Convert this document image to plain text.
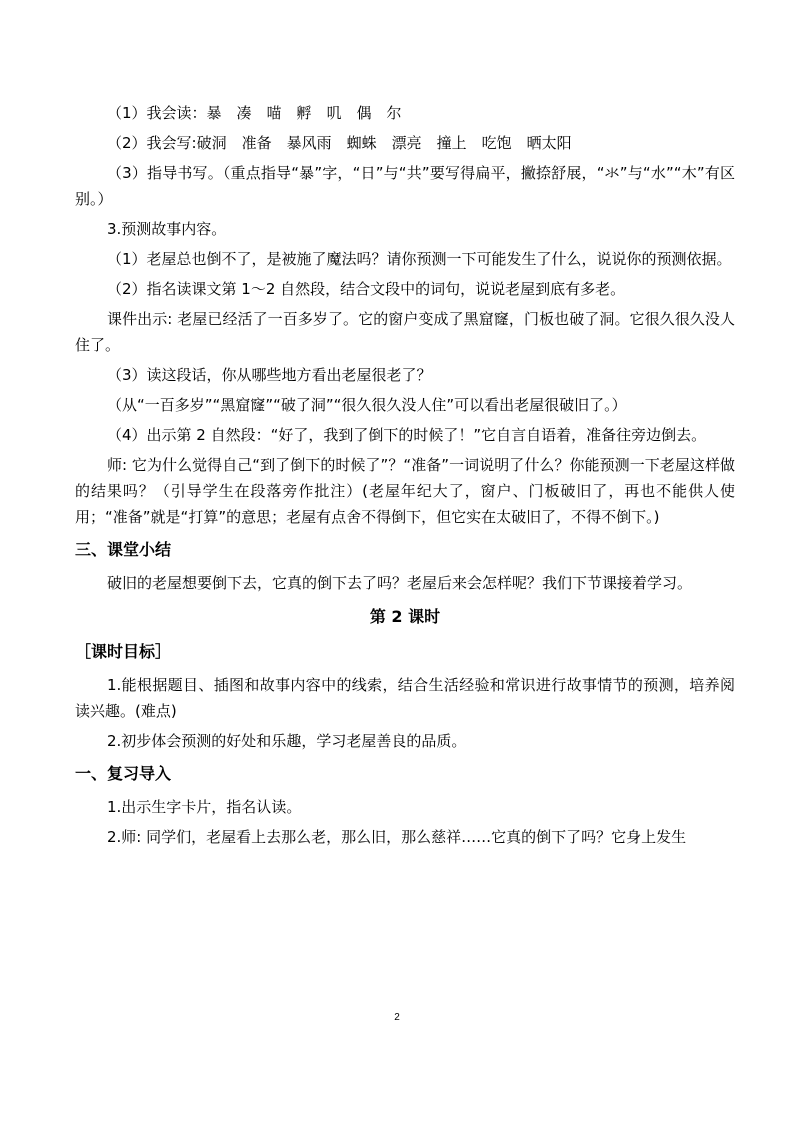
（1）我会读：暴　凑　喵　孵　叽　偶　尔

（2）我会写:破洞　准备　暴风雨　蜘蛛　漂亮　撞上　吃饱　晒太阳

（3）指导书写。（重点指导“暴”字，“日”与“共”要写得扁平，撇捺舒展，“氺”与“水”“木”有区别。）

3.预测故事内容。

（1）老屋总也倒不了，是被施了魔法吗？请你预测一下可能发生了什么，说说你的预测依据。

（2）指名读课文第 1～2 自然段，结合文段中的词句，说说老屋到底有多老。

课件出示: 老屋已经活了一百多岁了。它的窗户变成了黑窟窿，门板也破了洞。它很久很久没人住了。

（3）读这段话，你从哪些地方看出老屋很老了？

（从“一百多岁”“黑窟窿”“破了洞”“很久很久没人住”可以看出老屋很破旧了。）

（4）出示第 2 自然段：“好了，我到了倒下的时候了！”它自言自语着，准备往旁边倒去。

师: 它为什么觉得自己“到了倒下的时候了”？“准备”一词说明了什么？你能预测一下老屋这样做的结果吗？（引导学生在段落旁作批注）(老屋年纪大了，窗户、门板破旧了，再也不能供人使用；“准备”就是“打算”的意思；老屋有点舍不得倒下，但它实在太破旧了，不得不倒下。)

三、课堂小结

破旧的老屋想要倒下去，它真的倒下去了吗？老屋后来会怎样呢？我们下节课接着学习。

第 2 课时

［课时目标］

1.能根据题目、插图和故事内容中的线索，结合生活经验和常识进行故事情节的预测，培养阅读兴趣。(难点)

2.初步体会预测的好处和乐趣，学习老屋善良的品质。

一、复习导入

1.出示生字卡片，指名认读。

2.师: 同学们，老屋看上去那么老，那么旧，那么慈祥……它真的倒下了吗？它身上发生

2
